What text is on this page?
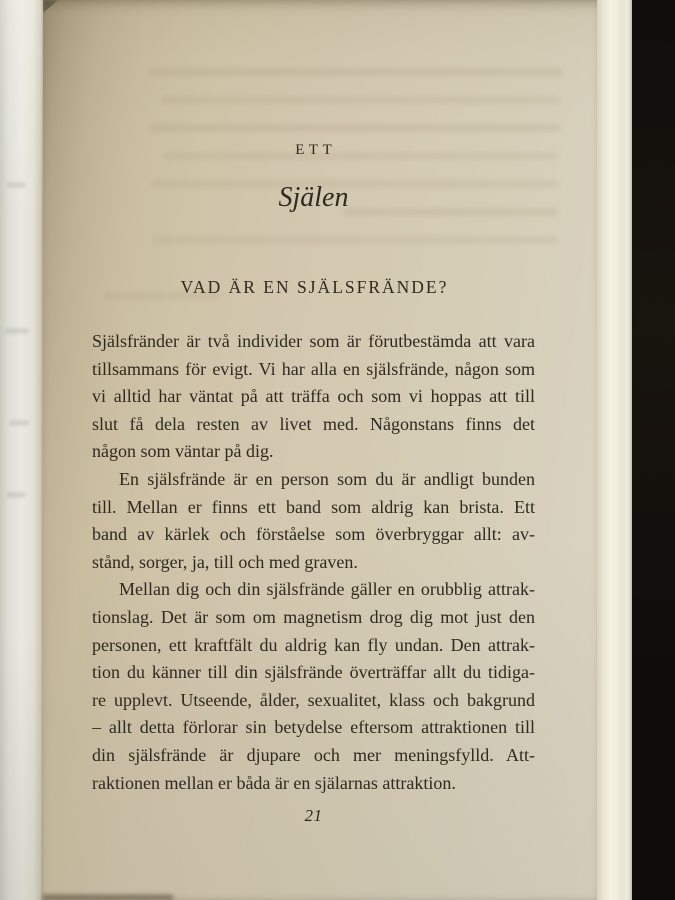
ETT
Själen
VAD ÄR EN SJÄLSFRÄNDE?
Själsfränder är två individer som är förutbestämda att vara
tillsammans för evigt. Vi har alla en själsfrände, någon som
vi alltid har väntat på att träffa och som vi hoppas att till
slut få dela resten av livet med. Någonstans finns det
någon som väntar på dig.
En själsfrände är en person som du är andligt bunden
till. Mellan er finns ett band som aldrig kan brista. Ett
band av kärlek och förståelse som överbryggar allt: av-
stånd, sorger, ja, till och med graven.
Mellan dig och din själsfrände gäller en orubblig attrak-
tionslag. Det är som om magnetism drog dig mot just den
personen, ett kraftfält du aldrig kan fly undan. Den attrak-
tion du känner till din själsfrände överträffar allt du tidiga-
re upplevt. Utseende, ålder, sexualitet, klass och bakgrund
– allt detta förlorar sin betydelse eftersom attraktionen till
din själsfrände är djupare och mer meningsfylld. Att-
raktionen mellan er båda är en själarnas attraktion.
21
